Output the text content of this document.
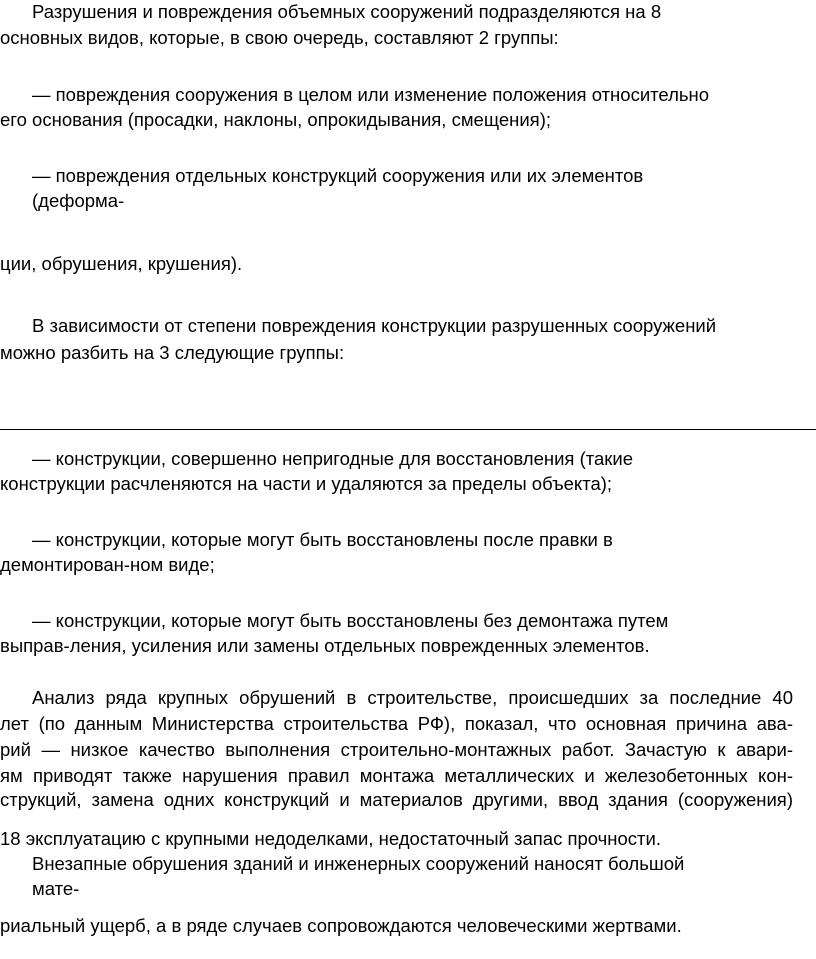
Разрушения и повреждения объемных сооружений подразделяются на 8
основных видов, которые, в свою очередь, составляют 2 группы:
— повреждения сооружения в целом или изменение положения относительно
его основания (просадки, наклоны, опрокидывания, смещения);
— повреждения отдельных конструкций сооружения или их элементов
(деформа-
ции, обрушения, крушения).
В зависимости от степени повреждения конструкции разрушенных сооружений
можно разбить на 3 следующие группы:
— конструкции, совершенно непригодные для восстановления (такие
конструкции расчленяются на части и удаляются за пределы объекта);
— конструкции, которые могут быть восстановлены после правки в
демонтирован-ном виде;
— конструкции, которые могут быть восстановлены без демонтажа путем
выправ-ления, усиления или замены отдельных поврежденных элементов.
Анализ ряда крупных обрушений в строительстве, происшедших за последние 40
лет (по данным Министерства строительства РФ), показал, что основная причина ава-
рий — низкое качество выполнения строительно-монтажных работ. Зачастую к авари-
ям приводят также нарушения правил монтажа металлических и железобетонных кон-
струкций, замена одних конструкций и материалов другими, ввод здания (сооружения)
18 эксплуатацию с крупными недоделками, недостаточный запас прочности.
Внезапные обрушения зданий и инженерных сооружений наносят большой
мате-
риальный ущерб, а в ряде случаев сопровождаются человеческими жертвами.
